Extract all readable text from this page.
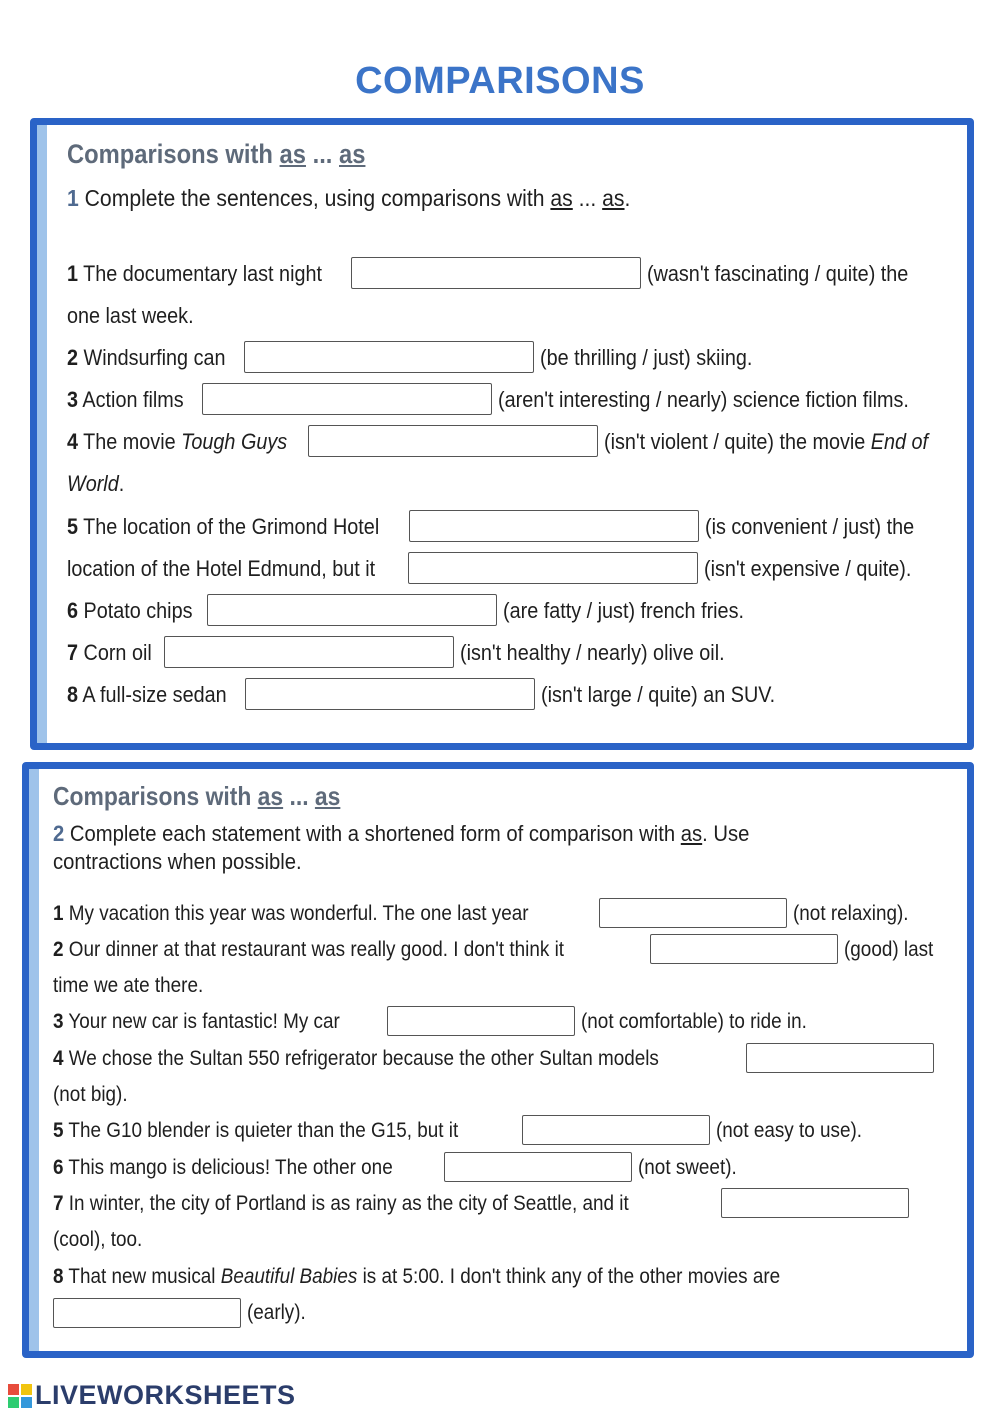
COMPARISONS
Comparisons with as ... as
1 Complete the sentences, using comparisons with as ... as.
1 The documentary last night	(wasn't fascinating / quite) the
one last week.
2 Windsurfing can	(be thrilling / just) skiing.
3 Action films	(aren't interesting / nearly) science fiction films.
4 The movie Tough Guys	(isn't violent / quite) the movie End of
World.
5 The location of the Grimond Hotel	(is convenient / just) the
location of the Hotel Edmund, but it	(isn't expensive / quite).
6 Potato chips	(are fatty / just) french fries.
7 Corn oil	(isn't healthy / nearly) olive oil.
8 A full-size sedan	(isn't large / quite) an SUV.
Comparisons with as ... as
2 Complete each statement with a shortened form of comparison with as. Use
contractions when possible.
1 My vacation this year was wonderful. The one last year	(not relaxing).
2 Our dinner at that restaurant was really good. I don't think it	(good) last
time we ate there.
3 Your new car is fantastic! My car	(not comfortable) to ride in.
4 We chose the Sultan 550 refrigerator because the other Sultan models
(not big).
5 The G10 blender is quieter than the G15, but it	(not easy to use).
6 This mango is delicious! The other one	(not sweet).
7 In winter, the city of Portland is as rainy as the city of Seattle, and it
(cool), too.
8 That new musical Beautiful Babies is at 5:00. I don't think any of the other movies are
(early).
LIVEWORKSHEETS
